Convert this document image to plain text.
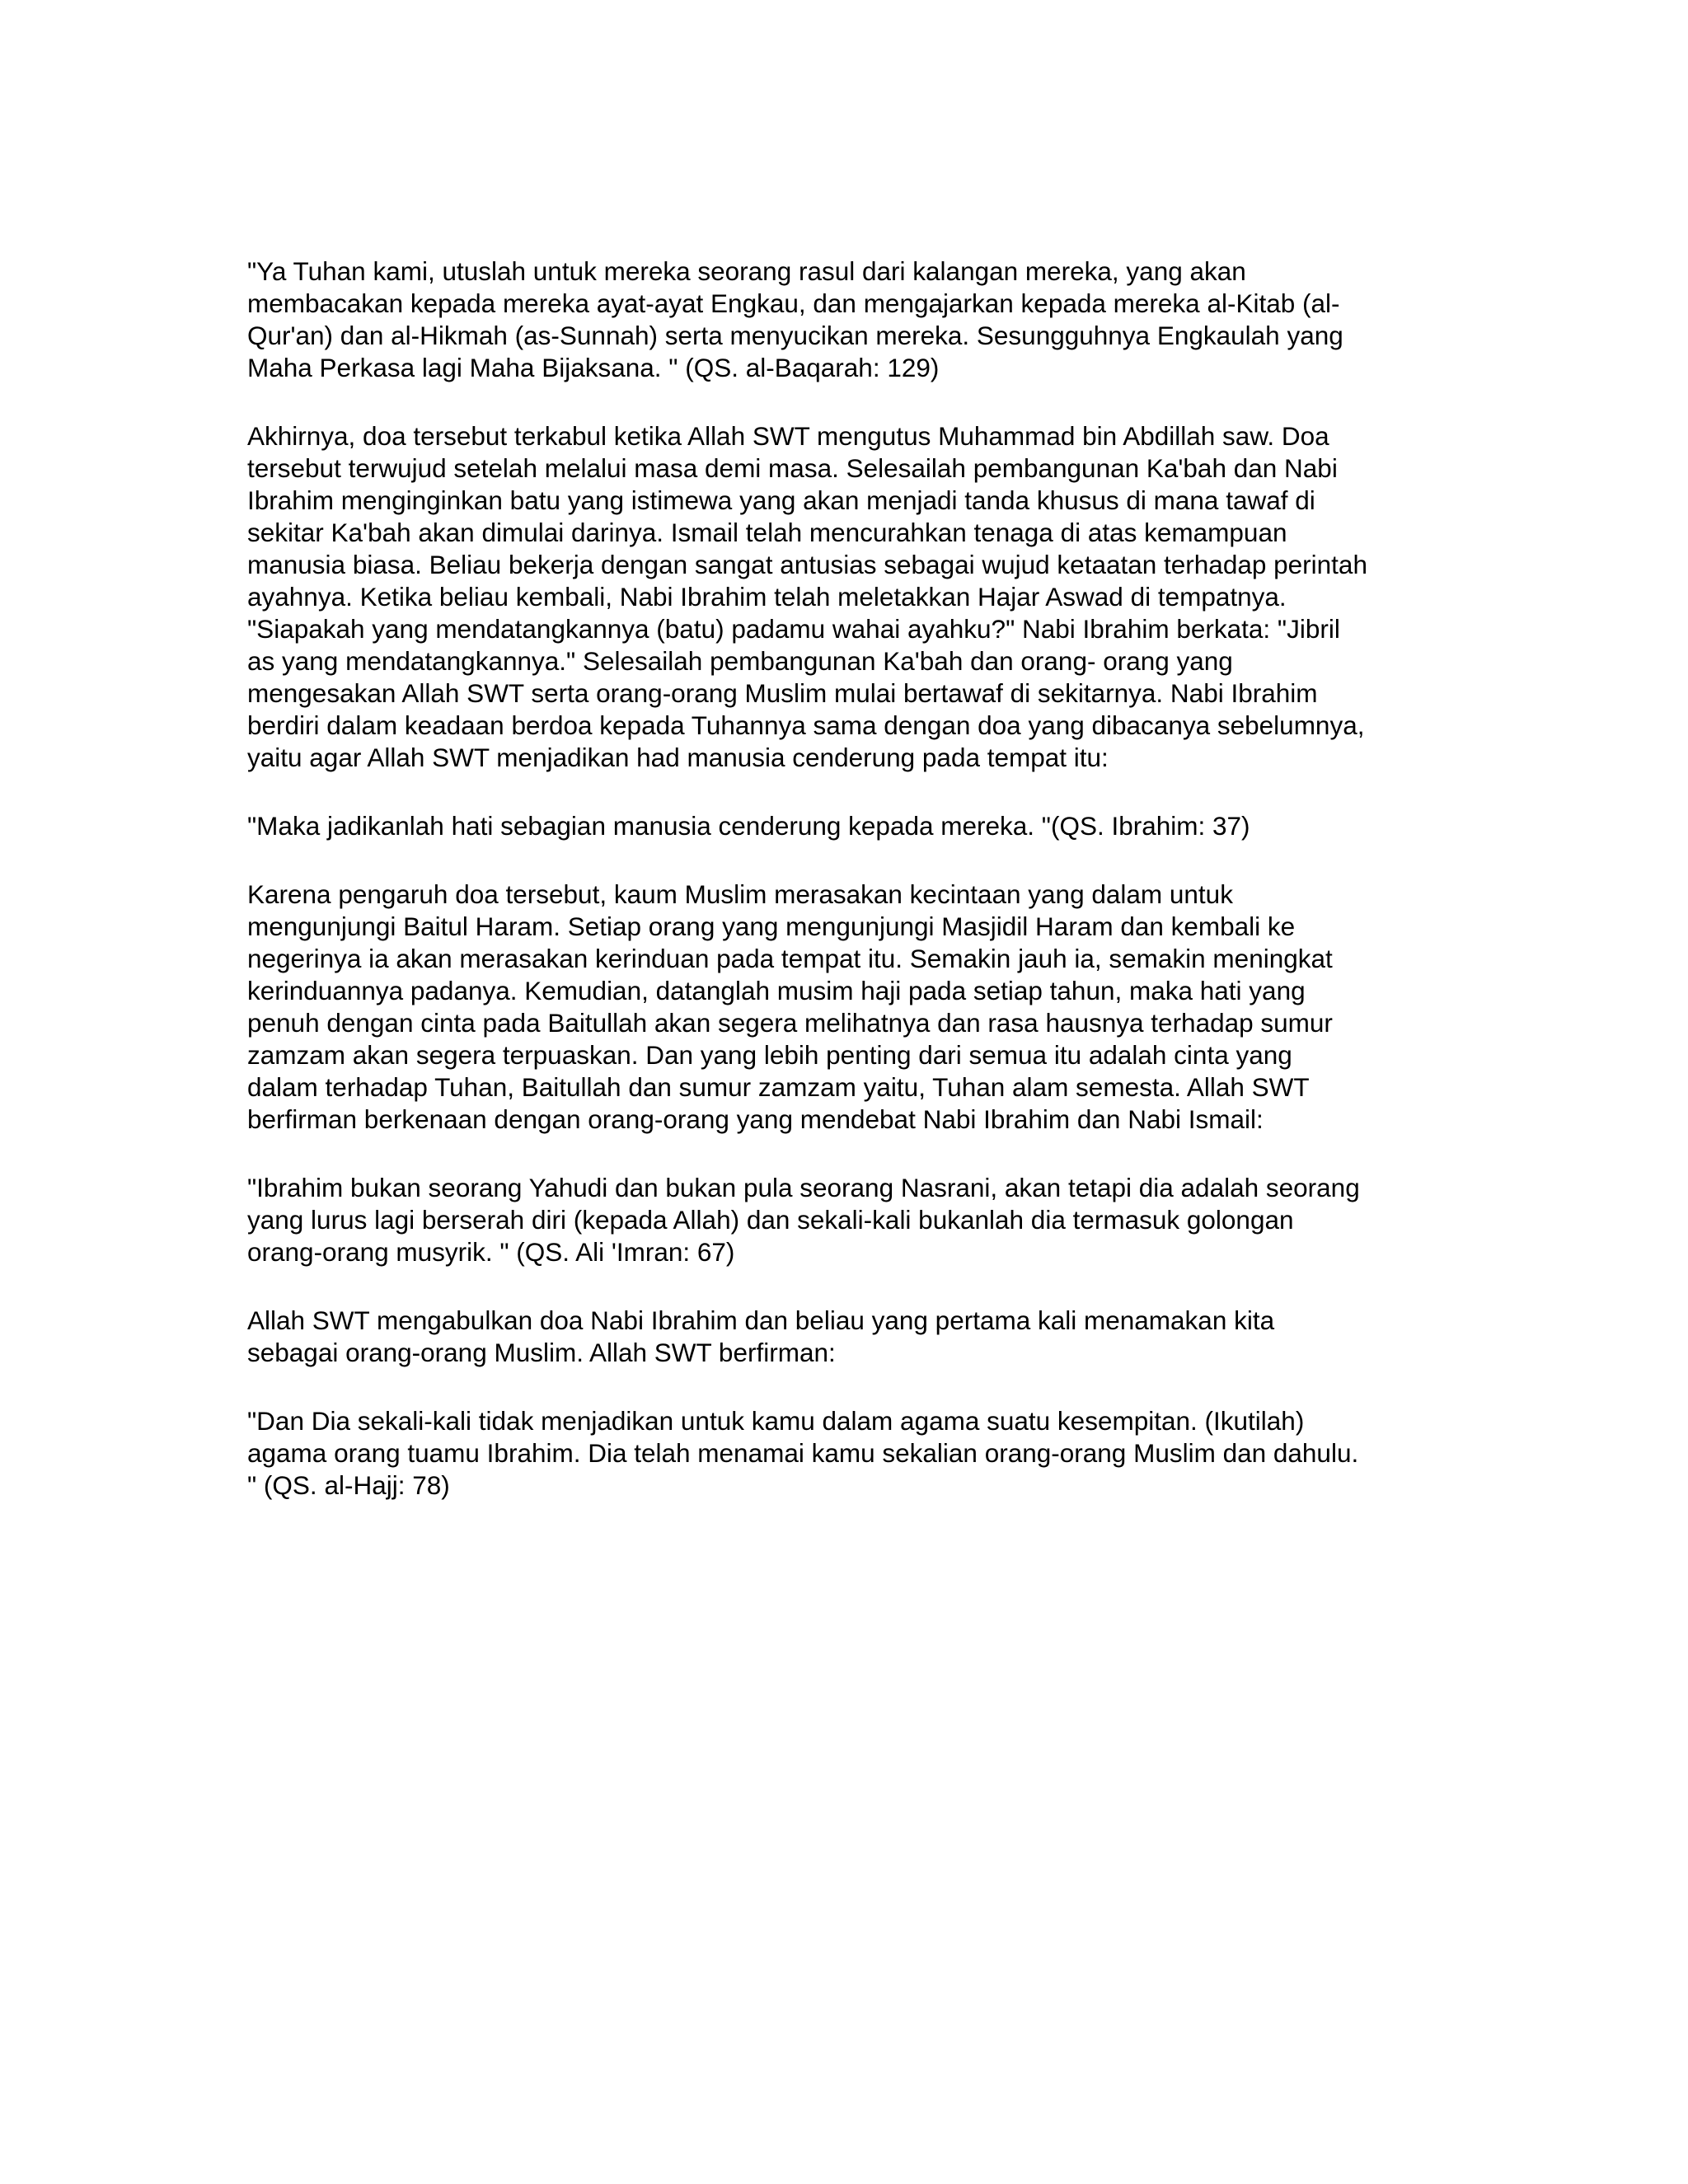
"Ya Tuhan kami, utuslah untuk mereka seorang rasul dari kalangan mereka, yang akan
membacakan kepada mereka ayat-ayat Engkau, dan mengajarkan kepada mereka al-Kitab (al-
Qur'an) dan al-Hikmah (as-Sunnah) serta menyucikan mereka. Sesungguhnya Engkaulah yang
Maha Perkasa lagi Maha Bijaksana. " (QS. al-Baqarah: 129)

Akhirnya, doa tersebut terkabul ketika Allah SWT mengutus Muhammad bin Abdillah saw. Doa
tersebut terwujud setelah melalui masa demi masa. Selesailah pembangunan Ka'bah dan Nabi
Ibrahim menginginkan batu yang istimewa yang akan menjadi tanda khusus di mana tawaf di
sekitar Ka'bah akan dimulai darinya. Ismail telah mencurahkan tenaga di atas kemampuan
manusia biasa. Beliau bekerja dengan sangat antusias sebagai wujud ketaatan terhadap perintah
ayahnya. Ketika beliau kembali, Nabi Ibrahim telah meletakkan Hajar Aswad di tempatnya.
"Siapakah yang mendatangkannya (batu) padamu wahai ayahku?" Nabi Ibrahim berkata: "Jibril
as yang mendatangkannya." Selesailah pembangunan Ka'bah dan orang- orang yang
mengesakan Allah SWT serta orang-orang Muslim mulai bertawaf di sekitarnya. Nabi Ibrahim
berdiri dalam keadaan berdoa kepada Tuhannya sama dengan doa yang dibacanya sebelumnya,
yaitu agar Allah SWT menjadikan had manusia cenderung pada tempat itu:

"Maka jadikanlah hati sebagian manusia cenderung kepada mereka. "(QS. Ibrahim: 37)

Karena pengaruh doa tersebut, kaum Muslim merasakan kecintaan yang dalam untuk
mengunjungi Baitul Haram. Setiap orang yang mengunjungi Masjidil Haram dan kembali ke
negerinya ia akan merasakan kerinduan pada tempat itu. Semakin jauh ia, semakin meningkat
kerinduannya padanya. Kemudian, datanglah musim haji pada setiap tahun, maka hati yang
penuh dengan cinta pada Baitullah akan segera melihatnya dan rasa hausnya terhadap sumur
zamzam akan segera terpuaskan. Dan yang lebih penting dari semua itu adalah cinta yang
dalam terhadap Tuhan, Baitullah dan sumur zamzam yaitu, Tuhan alam semesta. Allah SWT
berfirman berkenaan dengan orang-orang yang mendebat Nabi Ibrahim dan Nabi Ismail:

"Ibrahim bukan seorang Yahudi dan bukan pula seorang Nasrani, akan tetapi dia adalah seorang
yang lurus lagi berserah diri (kepada Allah) dan sekali-kali bukanlah dia termasuk golongan
orang-orang musyrik. " (QS. Ali 'Imran: 67)

Allah SWT mengabulkan doa Nabi Ibrahim dan beliau yang pertama kali menamakan kita
sebagai orang-orang Muslim. Allah SWT berfirman:

"Dan Dia sekali-kali tidak menjadikan untuk kamu dalam agama suatu kesempitan. (Ikutilah)
agama orang tuamu Ibrahim. Dia telah menamai kamu sekalian orang-orang Muslim dan dahulu.
" (QS. al-Hajj: 78)
